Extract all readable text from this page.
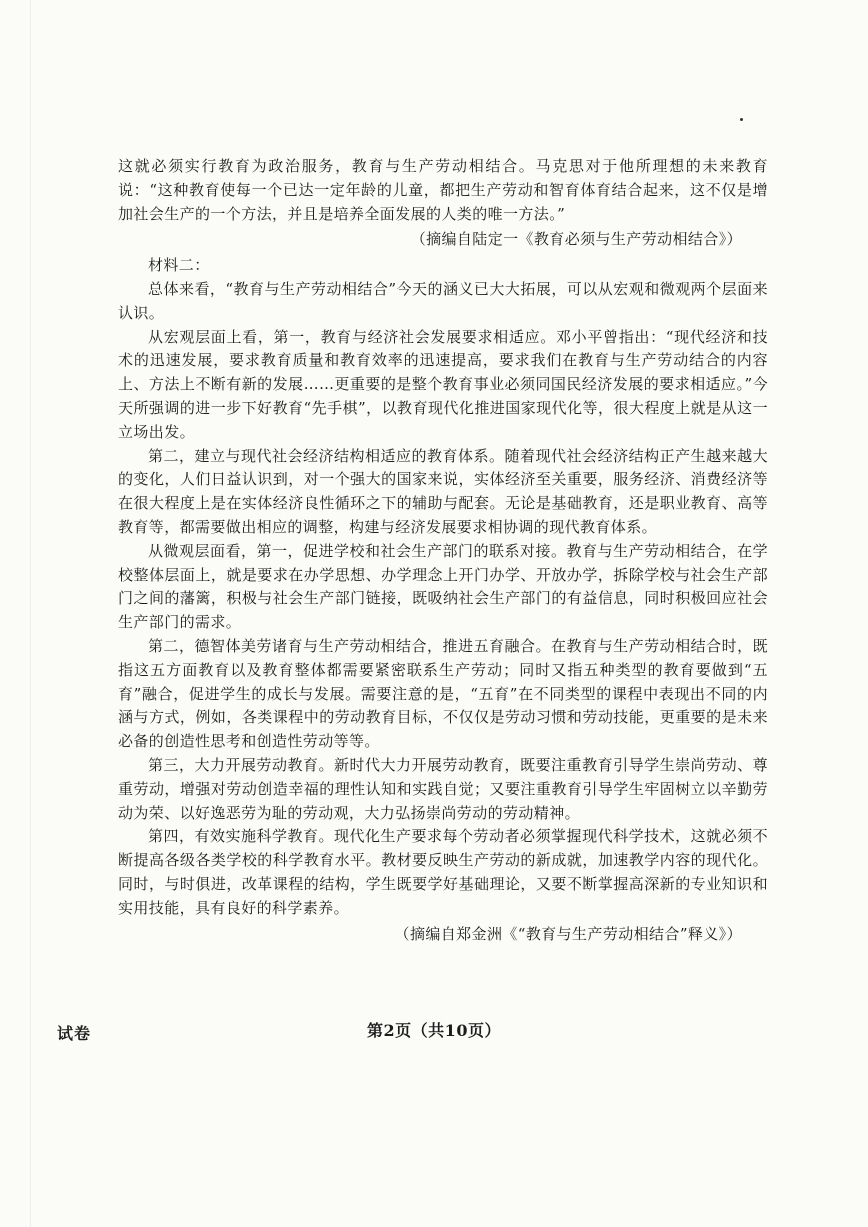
这就必须实行教育为政治服务，教育与生产劳动相结合。马克思对于他所理想的未来教育说：“这种教育使每一个已达一定年龄的儿童，都把生产劳动和智育体育结合起来，这不仅是增加社会生产的一个方法，并且是培养全面发展的人类的唯一方法。”

（摘编自陆定一《教育必须与生产劳动相结合》）

材料二：

总体来看，“教育与生产劳动相结合”今天的涵义已大大拓展，可以从宏观和微观两个层面来认识。

从宏观层面上看，第一，教育与经济社会发展要求相适应。邓小平曾指出：“现代经济和技术的迅速发展，要求教育质量和教育效率的迅速提高，要求我们在教育与生产劳动结合的内容上、方法上不断有新的发展……更重要的是整个教育事业必须同国民经济发展的要求相适应。”今天所强调的进一步下好教育“先手棋”，以教育现代化推进国家现代化等，很大程度上就是从这一立场出发。

第二，建立与现代社会经济结构相适应的教育体系。随着现代社会经济结构正产生越来越大的变化，人们日益认识到，对一个强大的国家来说，实体经济至关重要，服务经济、消费经济等在很大程度上是在实体经济良性循环之下的辅助与配套。无论是基础教育，还是职业教育、高等教育等，都需要做出相应的调整，构建与经济发展要求相协调的现代教育体系。

从微观层面看，第一，促进学校和社会生产部门的联系对接。教育与生产劳动相结合，在学校整体层面上，就是要求在办学思想、办学理念上开门办学、开放办学，拆除学校与社会生产部门之间的藩篱，积极与社会生产部门链接，既吸纳社会生产部门的有益信息，同时积极回应社会生产部门的需求。

第二，德智体美劳诸育与生产劳动相结合，推进五育融合。在教育与生产劳动相结合时，既指这五方面教育以及教育整体都需要紧密联系生产劳动；同时又指五种类型的教育要做到“五育”融合，促进学生的成长与发展。需要注意的是，“五育”在不同类型的课程中表现出不同的内涵与方式，例如，各类课程中的劳动教育目标，不仅仅是劳动习惯和劳动技能，更重要的是未来必备的创造性思考和创造性劳动等等。

第三，大力开展劳动教育。新时代大力开展劳动教育，既要注重教育引导学生崇尚劳动、尊重劳动，增强对劳动创造幸福的理性认知和实践自觉；又要注重教育引导学生牢固树立以辛勤劳动为荣、以好逸恶劳为耻的劳动观，大力弘扬崇尚劳动的劳动精神。

第四，有效实施科学教育。现代化生产要求每个劳动者必须掌握现代科学技术，这就必须不断提高各级各类学校的科学教育水平。教材要反映生产劳动的新成就，加速教学内容的现代化。同时，与时俱进，改革课程的结构，学生既要学好基础理论，又要不断掌握高深新的专业知识和实用技能，具有良好的科学素养。

（摘编自郑金洲《“教育与生产劳动相结合”释义》）

试卷	第2页（共10页）
